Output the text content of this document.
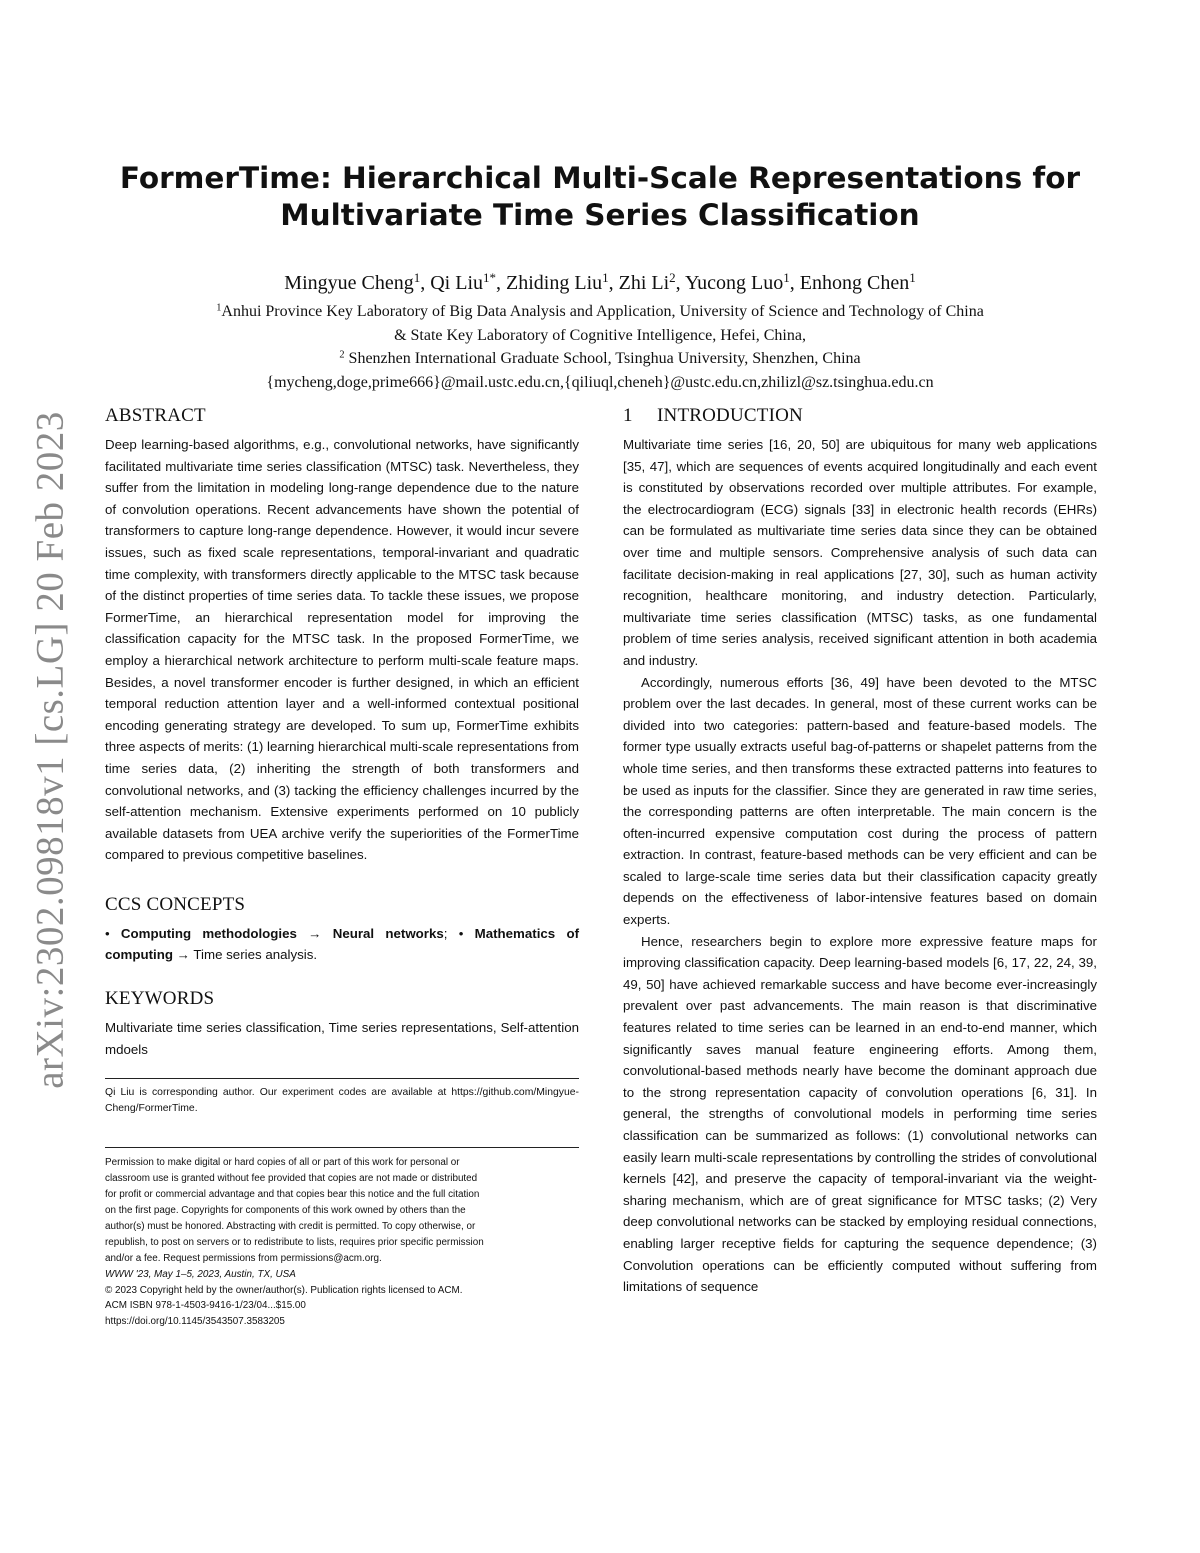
arXiv:2302.09818v1 [cs.LG] 20 Feb 2023
FormerTime: Hierarchical Multi-Scale Representations for
Multivariate Time Series Classification
Mingyue Cheng$^1$, Qi Liu$^{1*}$, Zhiding Liu$^1$, Zhi Li$^2$, Yucong Luo$^1$, Enhong Chen$^1$
$^1$Anhui Province Key Laboratory of Big Data Analysis and Application, University of Science and Technology of China
& State Key Laboratory of Cognitive Intelligence, Hefei, China,
$^2$ Shenzhen International Graduate School, Tsinghua University, Shenzhen, China
{mycheng,doge,prime666}@mail.ustc.edu.cn,{qiliuql,cheneh}@ustc.edu.cn,zhilizl@sz.tsinghua.edu.cn
ABSTRACT

Deep learning-based algorithms, e.g., convolutional networks, have significantly facilitated multivariate time series classification (MTSC) task. Nevertheless, they suffer from the limitation in modeling long-range dependence due to the nature of convolution operations. Recent advancements have shown the potential of transformers to capture long-range dependence. However, it would incur severe issues, such as fixed scale representations, temporal-invariant and quadratic time complexity, with transformers directly applicable to the MTSC task because of the distinct properties of time series data. To tackle these issues, we propose FormerTime, an hierarchical representation model for improving the classification capacity for the MTSC task. In the proposed FormerTime, we employ a hierarchical network architecture to perform multi-scale feature maps. Besides, a novel transformer encoder is further designed, in which an efficient temporal reduction attention layer and a well-informed contextual positional encoding generating strategy are developed. To sum up, FormerTime exhibits three aspects of merits: (1) learning hierarchical multi-scale representations from time series data, (2) inheriting the strength of both transformers and convolutional networks, and (3) tacking the efficiency challenges incurred by the self-attention mechanism. Extensive experiments performed on 10 publicly available datasets from UEA archive verify the superiorities of the FormerTime compared to previous competitive baselines.

CCS CONCEPTS

• Computing methodologies → Neural networks; • Mathematics of computing → Time series analysis.

KEYWORDS

Multivariate time series classification, Time series representations, Self-attention mdoels

Qi Liu is corresponding author. Our experiment codes are available at https://github.com/Mingyue-Cheng/FormerTime.
Permission to make digital or hard copies of all or part of this work for personal or
classroom use is granted without fee provided that copies are not made or distributed
for profit or commercial advantage and that copies bear this notice and the full citation
on the first page. Copyrights for components of this work owned by others than the
author(s) must be honored. Abstracting with credit is permitted. To copy otherwise, or
republish, to post on servers or to redistribute to lists, requires prior specific permission
and/or a fee. Request permissions from permissions@acm.org.
WWW '23, May 1–5, 2023, Austin, TX, USA
© 2023 Copyright held by the owner/author(s). Publication rights licensed to ACM.
ACM ISBN 978-1-4503-9416-1/23/04...$15.00
https://doi.org/10.1145/3543507.3583205
1 INTRODUCTION

Multivariate time series [16, 20, 50] are ubiquitous for many web applications [35, 47], which are sequences of events acquired longitudinally and each event is constituted by observations recorded over multiple attributes. For example, the electrocardiogram (ECG) signals [33] in electronic health records (EHRs) can be formulated as multivariate time series data since they can be obtained over time and multiple sensors. Comprehensive analysis of such data can facilitate decision-making in real applications [27, 30], such as human activity recognition, healthcare monitoring, and industry detection. Particularly, multivariate time series classification (MTSC) tasks, as one fundamental problem of time series analysis, received significant attention in both academia and industry.

Accordingly, numerous efforts [36, 49] have been devoted to the MTSC problem over the last decades. In general, most of these current works can be divided into two categories: pattern-based and feature-based models. The former type usually extracts useful bag-of-patterns or shapelet patterns from the whole time series, and then transforms these extracted patterns into features to be used as inputs for the classifier. Since they are generated in raw time series, the corresponding patterns are often interpretable. The main concern is the often-incurred expensive computation cost during the process of pattern extraction. In contrast, feature-based methods can be very efficient and can be scaled to large-scale time series data but their classification capacity greatly depends on the effectiveness of labor-intensive features based on domain experts.

Hence, researchers begin to explore more expressive feature maps for improving classification capacity. Deep learning-based models [6, 17, 22, 24, 39, 49, 50] have achieved remarkable success and have become ever-increasingly prevalent over past advancements. The main reason is that discriminative features related to time series can be learned in an end-to-end manner, which significantly saves manual feature engineering efforts. Among them, convolutional-based methods nearly have become the dominant approach due to the strong representation capacity of convolution operations [6, 31]. In general, the strengths of convolutional models in performing time series classification can be summarized as follows: (1) convolutional networks can easily learn multi-scale representations by controlling the strides of convolutional kernels [42], and preserve the capacity of temporal-invariant via the weight-sharing mechanism, which are of great significance for MTSC tasks; (2) Very deep convolutional networks can be stacked by employing residual connections, enabling larger receptive fields for capturing the sequence dependence; (3) Convolution operations can be efficiently computed without suffering from limitations of sequence
